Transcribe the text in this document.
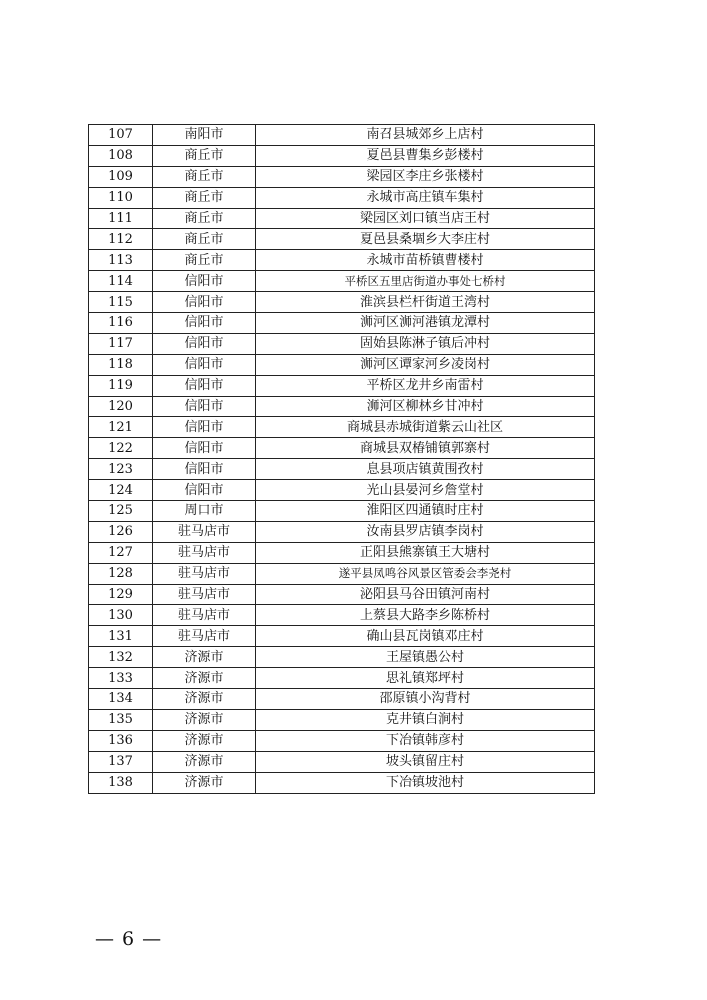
107	南阳市	南召县城郊乡上店村
108	商丘市	夏邑县曹集乡彭楼村
109	商丘市	梁园区李庄乡张楼村
110	商丘市	永城市高庄镇车集村
111	商丘市	梁园区刘口镇当店王村
112	商丘市	夏邑县桑堌乡大李庄村
113	商丘市	永城市苗桥镇曹楼村
114	信阳市	平桥区五里店街道办事处七桥村
115	信阳市	淮滨县栏杆街道王湾村
116	信阳市	浉河区浉河港镇龙潭村
117	信阳市	固始县陈淋子镇后冲村
118	信阳市	浉河区谭家河乡凌岗村
119	信阳市	平桥区龙井乡南雷村
120	信阳市	浉河区柳林乡甘冲村
121	信阳市	商城县赤城街道紫云山社区
122	信阳市	商城县双椿铺镇郭寨村
123	信阳市	息县项店镇黄围孜村
124	信阳市	光山县晏河乡詹堂村
125	周口市	淮阳区四通镇时庄村
126	驻马店市	汝南县罗店镇李岗村
127	驻马店市	正阳县熊寨镇王大塘村
128	驻马店市	遂平县凤鸣谷风景区管委会李尧村
129	驻马店市	泌阳县马谷田镇河南村
130	驻马店市	上蔡县大路李乡陈桥村
131	驻马店市	确山县瓦岗镇邓庄村
132	济源市	王屋镇愚公村
133	济源市	思礼镇郑坪村
134	济源市	邵原镇小沟背村
135	济源市	克井镇白涧村
136	济源市	下冶镇韩彦村
137	济源市	坡头镇留庄村
138	济源市	下冶镇坡池村
— 6 —
